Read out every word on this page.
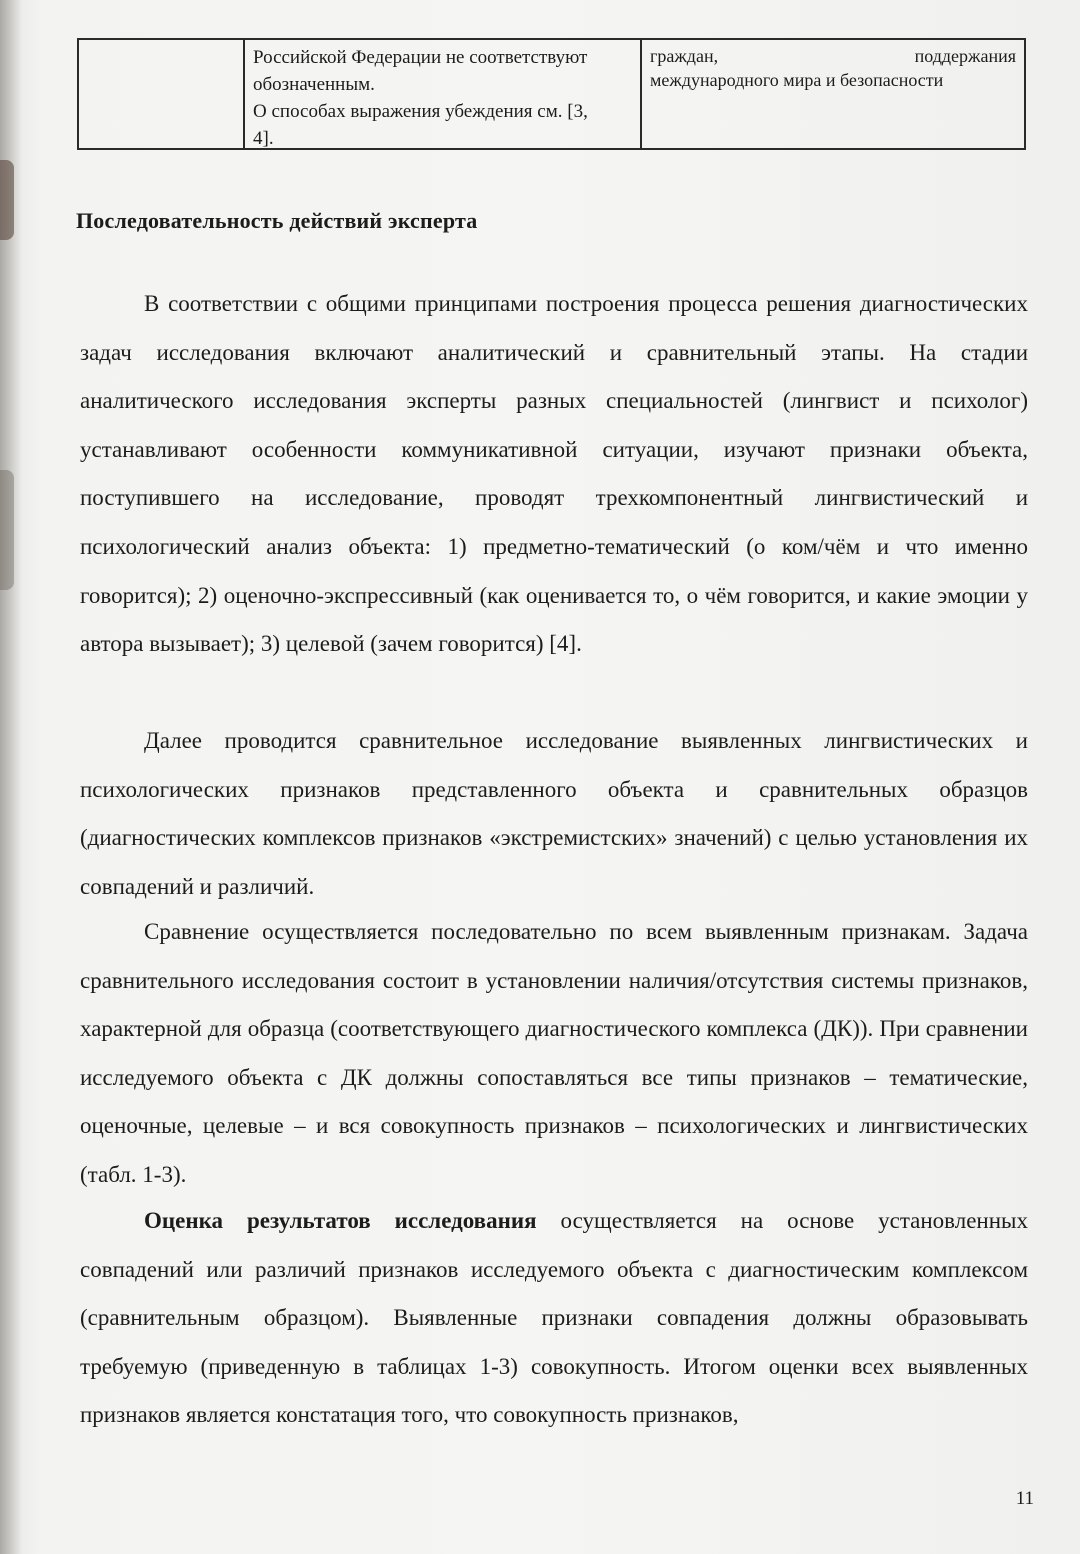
Российской Федерации не соответствуют
обозначенным.
О способах выражения убеждения см. [3,
4].
граждан,	поддержания
международного мира и безопасности
Последовательность действий эксперта

В соответствии с общими принципами построения процесса решения диагностических задач исследования включают аналитический и сравнительный этапы. На стадии аналитического исследования эксперты разных специальностей (лингвист и психолог) устанавливают особенности коммуникативной ситуации, изучают признаки объекта, поступившего на исследование, проводят трехкомпонентный лингвистический и психологический анализ объекта: 1) предметно-тематический (о ком/чём и что именно говорится); 2) оценочно-экспрессивный (как оценивается то, о чём говорится, и какие эмоции у автора вызывает); 3) целевой (зачем говорится) [4].

Далее проводится сравнительное исследование выявленных лингвистических и психологических признаков представленного объекта и сравнительных образцов (диагностических комплексов признаков «экстремистских» значений) с целью установления их совпадений и различий.

Сравнение осуществляется последовательно по всем выявленным признакам. Задача сравнительного исследования состоит в установлении наличия/отсутствия системы признаков, характерной для образца (соответствующего диагностического комплекса (ДК)). При сравнении исследуемого объекта с ДК должны сопоставляться все типы признаков – тематические, оценочные, целевые – и вся совокупность признаков – психологических и лингвистических (табл. 1-3).

Оценка результатов исследования осуществляется на основе установленных совпадений или различий признаков исследуемого объекта с диагностическим комплексом (сравнительным образцом). Выявленные признаки совпадения должны образовывать требуемую (приведенную в таблицах 1-3) совокупность. Итогом оценки всех выявленных признаков является констатация того, что совокупность признаков,

11
